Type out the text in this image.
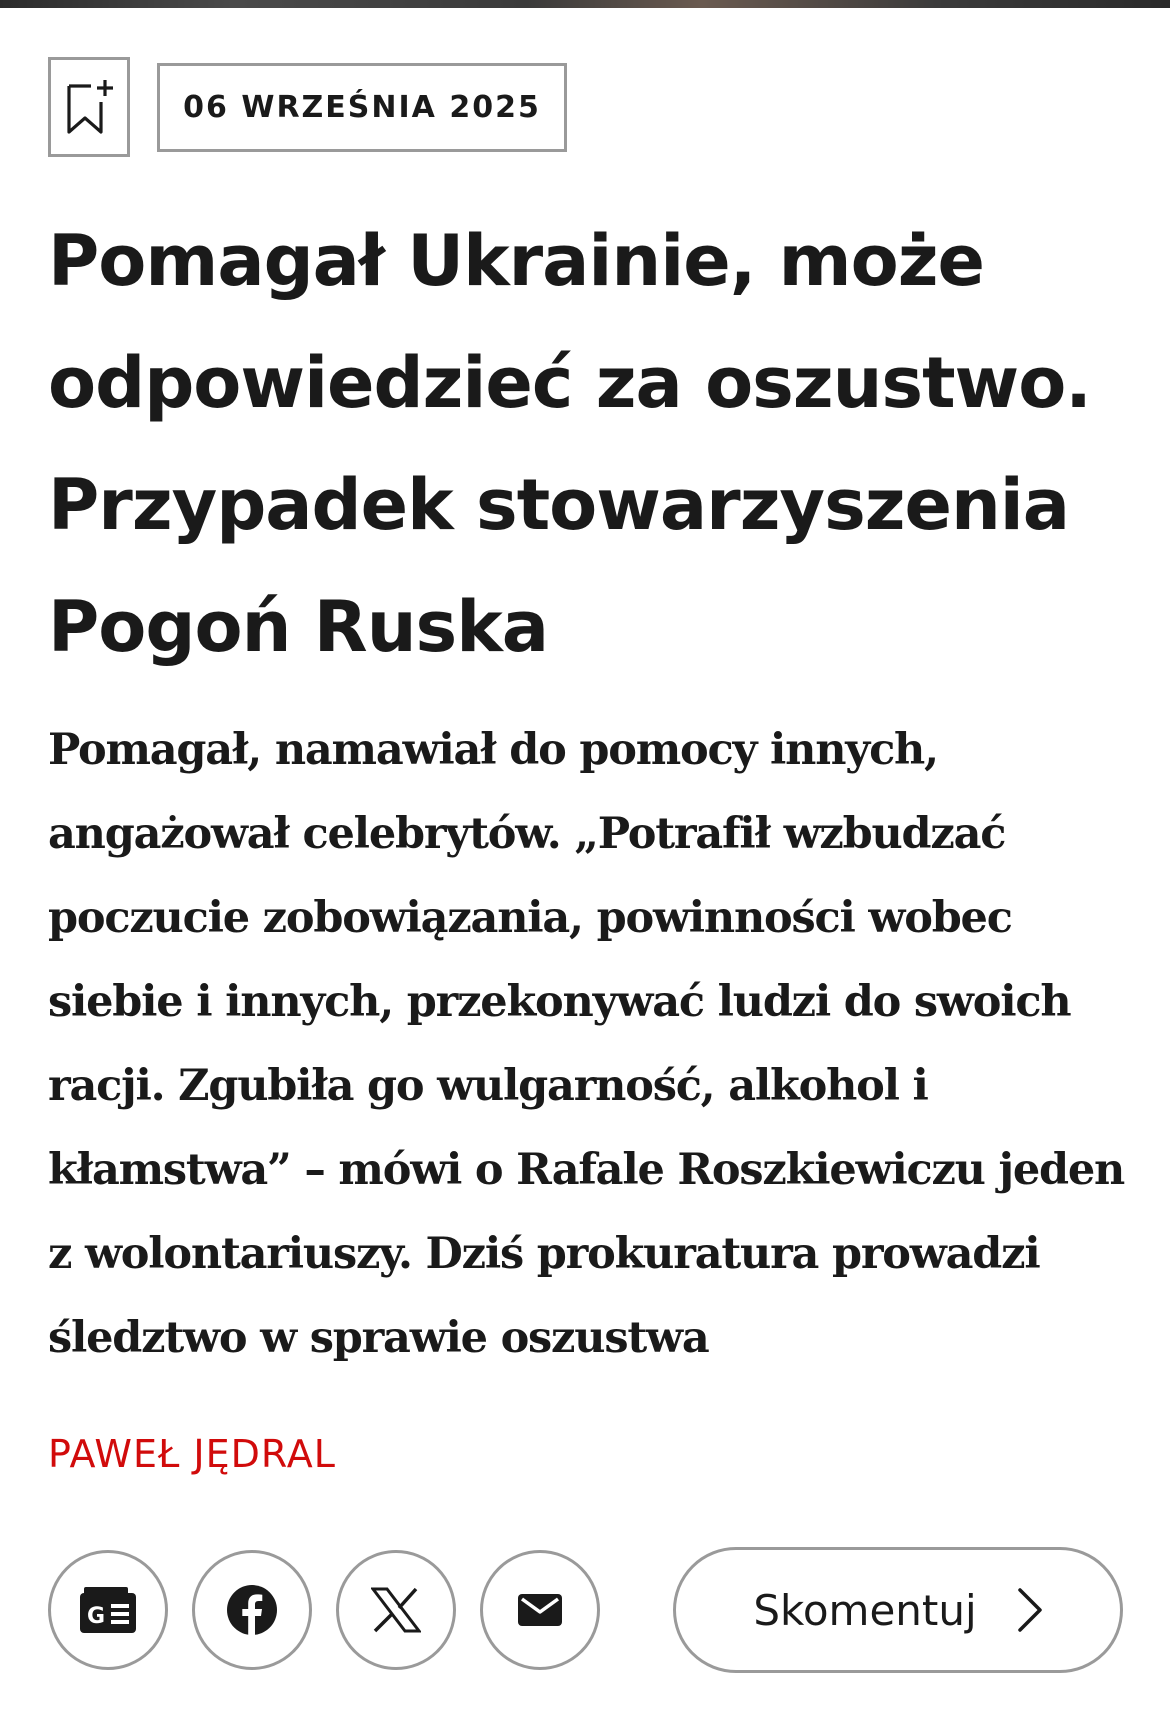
06 WRZEŚNIA 2025
Pomagał Ukrainie, może odpowiedzieć za oszustwo. Przypadek stowarzyszenia Pogoń Ruska

Pomagał, namawiał do pomocy innych, angażował celebrytów. „Potrafił wzbudzać poczucie zobowiązania, powinności wobec siebie i innych, przekonywać ludzi do swoich racji. Zgubiła go wulgarność, alkohol i kłamstwa” – mówi o Rafale Roszkiewiczu jeden z wolontariuszy. Dziś prokuratura prowadzi śledztwo w sprawie oszustwa

PAWEŁ JĘDRAL
G	Skomentuj
